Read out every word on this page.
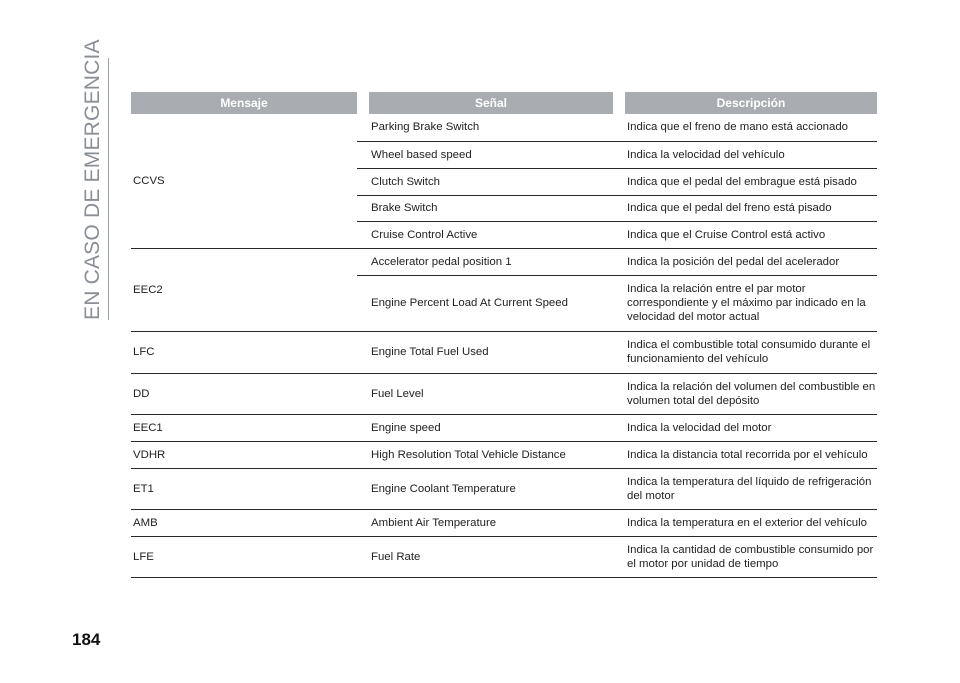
EN CASO DE EMERGENCIA	Mensaje		Señal		Descripción
CCVS		Parking Brake Switch		Indica que el freno de mano está accionado
		Wheel based speed		Indica la velocidad del vehículo
		Clutch Switch		Indica que el pedal del embrague está pisado
		Brake Switch		Indica que el pedal del freno está pisado
		Cruise Control Active		Indica que el Cruise Control está activo
EEC2		Accelerator pedal position 1		Indica la posición del pedal del acelerador
		Engine Percent Load At Current Speed		Indica la relación entre el par motor correspondiente y el máximo par indicado en la velocidad del motor actual
LFC		Engine Total Fuel Used		Indica el combustible total consumido durante el funcionamiento del vehículo
DD		Fuel Level		Indica la relación del volumen del combustible en volumen total del depósito
EEC1		Engine speed		Indica la velocidad del motor
VDHR		High Resolution Total Vehicle Distance		Indica la distancia total recorrida por el vehículo
ET1		Engine Coolant Temperature		Indica la temperatura del líquido de refrigeración del motor
AMB		Ambient Air Temperature		Indica la temperatura en el exterior del vehículo
LFE		Fuel Rate		Indica la cantidad de combustible consumido por el motor por unidad de tiempo
184
